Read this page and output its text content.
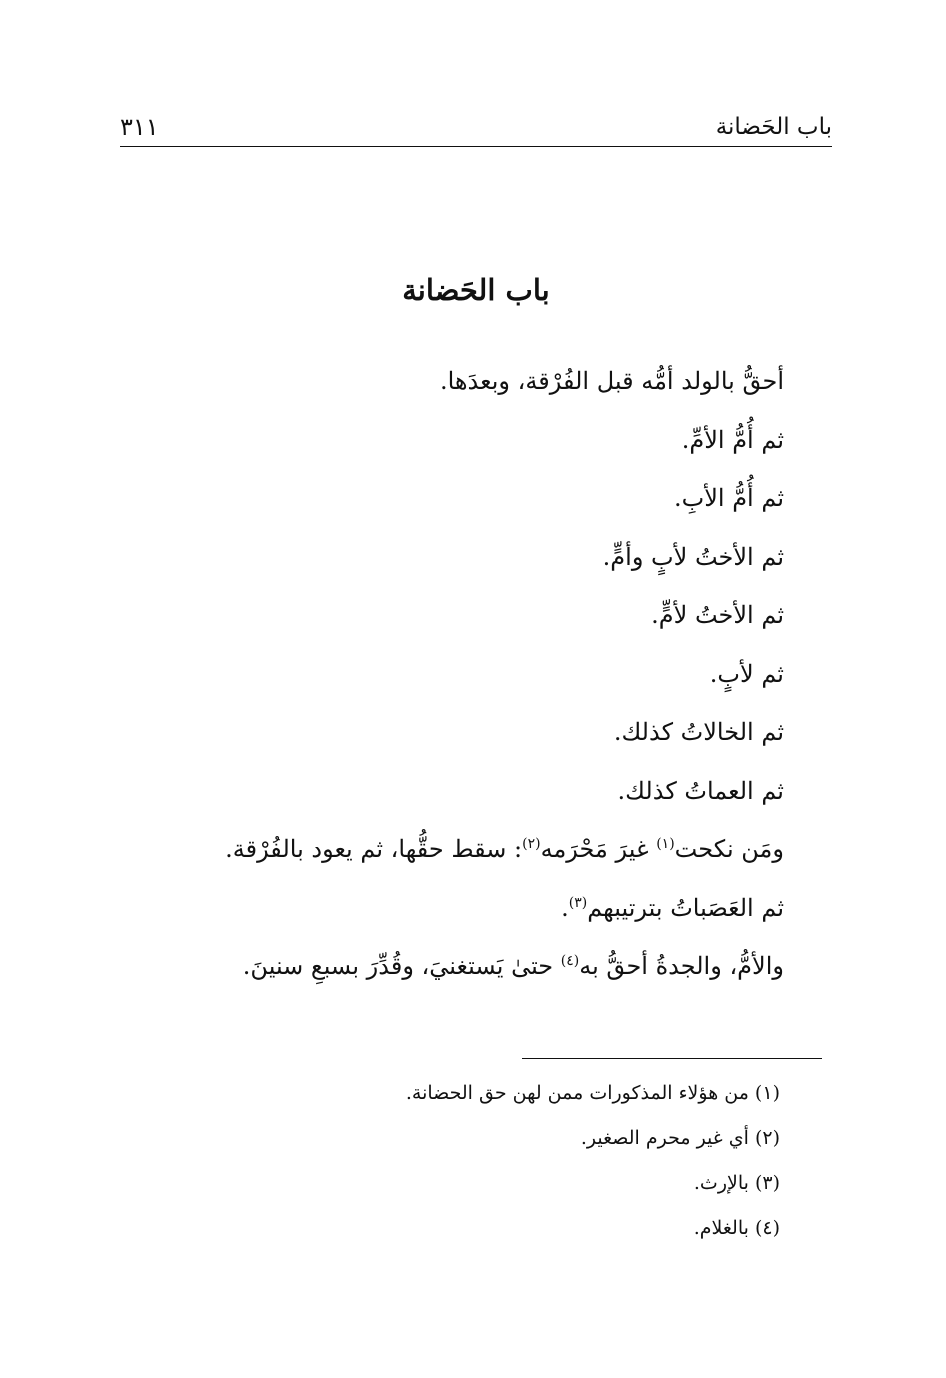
باب الحَضانة
٣١١
باب الحَضانة
أحقُّ بالولد أمُّه قبل الفُرْقة، وبعدَها.
ثم أُمُّ الأمِّ.
ثم أُمُّ الأبِ.
ثم الأختُ لأبٍ وأمٍّ.
ثم الأختُ لأمٍّ.
ثم لأبٍ.
ثم الخالاتُ كذلك.
ثم العماتُ كذلك.
ومَن نكحت$^{(١)}$ غيرَ مَحْرَمه$^{(٢)}$: سقط حقُّها، ثم يعود بالفُرْقة.
ثم العَصَباتُ بترتيبهم$^{(٣)}$.
والأمُّ، والجدةُ أحقُّ به$^{(٤)}$ حتىٰ يَستغنيَ، وقُدِّرَ بسبعِ سنينَ.
(١) من هؤلاء المذكورات ممن لهن حق الحضانة.
(٢) أي غير محرم الصغير.
(٣) بالإرث.
(٤) بالغلام.
